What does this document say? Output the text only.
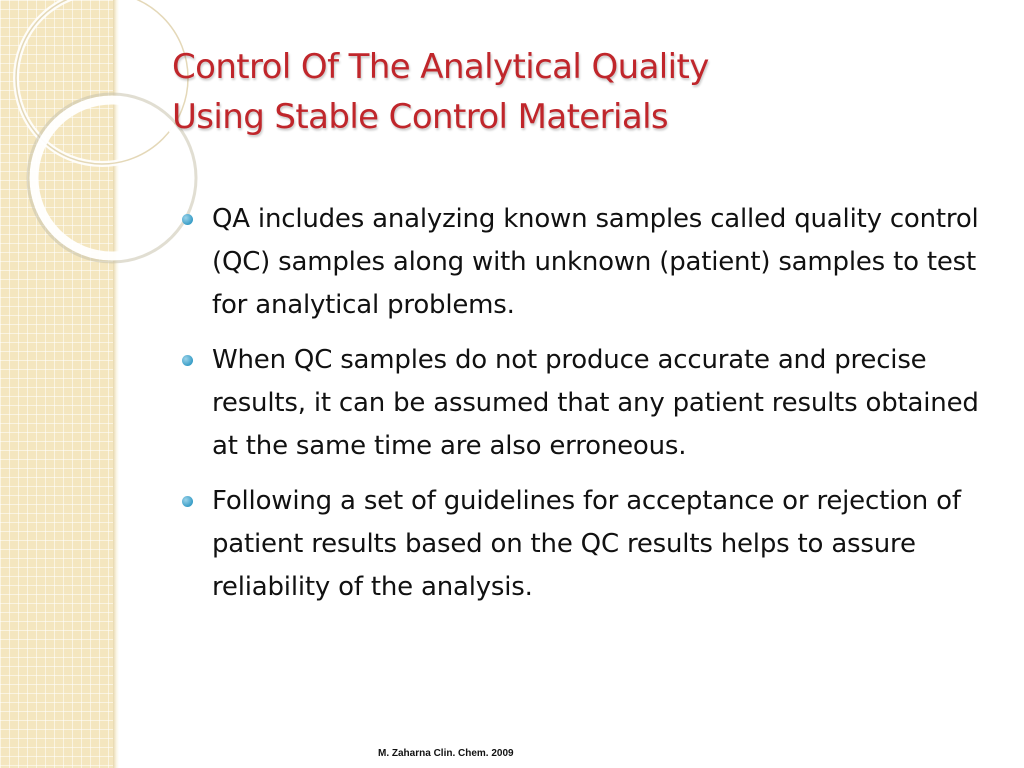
Control Of The Analytical Quality
Using Stable Control Materials
QA includes analyzing known samples called quality control (QC) samples along with unknown (patient) samples to test for analytical problems.
When QC samples do not produce accurate and precise results, it can be assumed that any patient results obtained at the same time are also erroneous.
Following a set of guidelines for acceptance or rejection of patient results based on the QC results helps to assure reliability of the analysis.

M. Zaharna Clin. Chem. 2009
